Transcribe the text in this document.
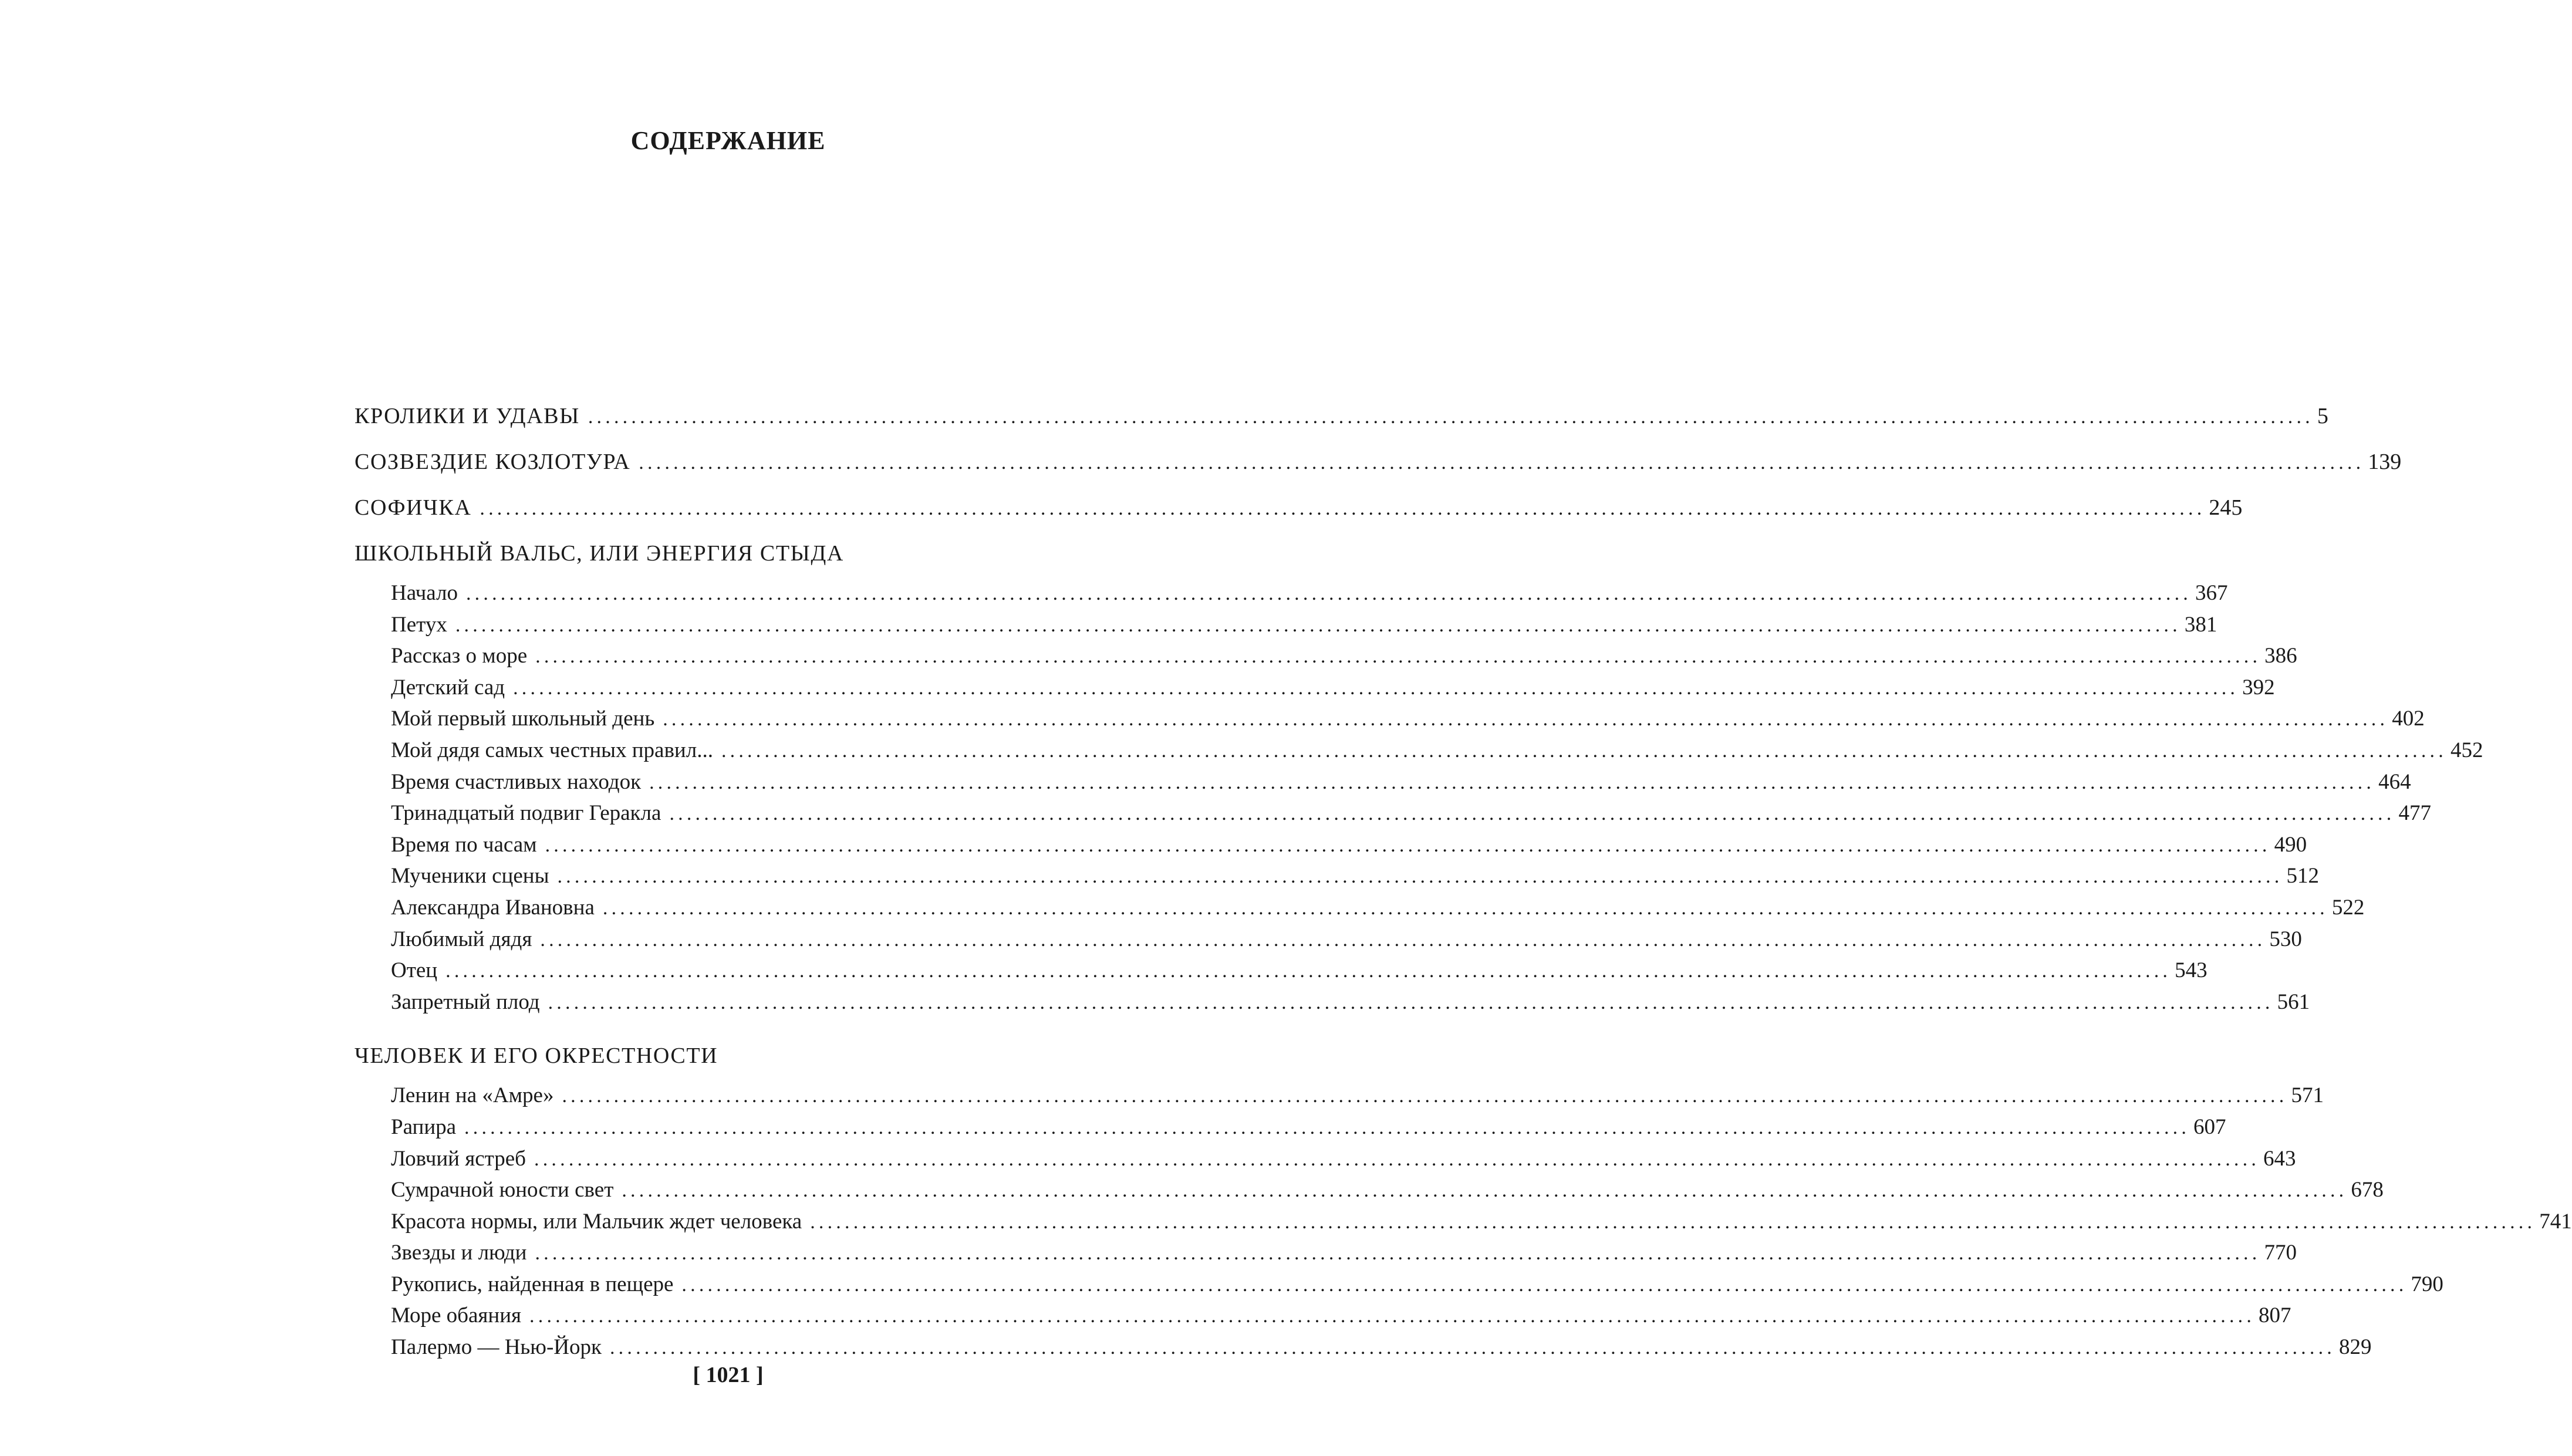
СОДЕРЖАНИЕ
КРОЛИКИ И УДАВЫ ........................................................................................................................................................................................................ 5
СОЗВЕЗДИЕ КОЗЛОТУРА ........................................................................................................................................................................................................ 139
СОФИЧКА ........................................................................................................................................................................................................ 245
ШКОЛЬНЫЙ ВАЛЬС, ИЛИ ЭНЕРГИЯ СТЫДА
Начало ........................................................................................................................................................................................................ 367
Петух ........................................................................................................................................................................................................ 381
Рассказ о море ........................................................................................................................................................................................................ 386
Детский сад ........................................................................................................................................................................................................ 392
Мой первый школьный день ........................................................................................................................................................................................................ 402
Мой дядя самых честных правил... ........................................................................................................................................................................................................ 452
Время счастливых находок ........................................................................................................................................................................................................ 464
Тринадцатый подвиг Геракла ........................................................................................................................................................................................................ 477
Время по часам ........................................................................................................................................................................................................ 490
Мученики сцены ........................................................................................................................................................................................................ 512
Александра Ивановна ........................................................................................................................................................................................................ 522
Любимый дядя ........................................................................................................................................................................................................ 530
Отец ........................................................................................................................................................................................................ 543
Запретный плод ........................................................................................................................................................................................................ 561
ЧЕЛОВЕК И ЕГО ОКРЕСТНОСТИ
Ленин на «Амре» ........................................................................................................................................................................................................ 571
Рапира ........................................................................................................................................................................................................ 607
Ловчий ястреб ........................................................................................................................................................................................................ 643
Сумрачной юности свет ........................................................................................................................................................................................................ 678
Красота нормы, или Мальчик ждет человека ........................................................................................................................................................................................................ 741
Звезды и люди ........................................................................................................................................................................................................ 770
Рукопись, найденная в пещере ........................................................................................................................................................................................................ 790
Море обаяния ........................................................................................................................................................................................................ 807
Палермо — Нью-Йорк ........................................................................................................................................................................................................ 829
[ 1021 ]
